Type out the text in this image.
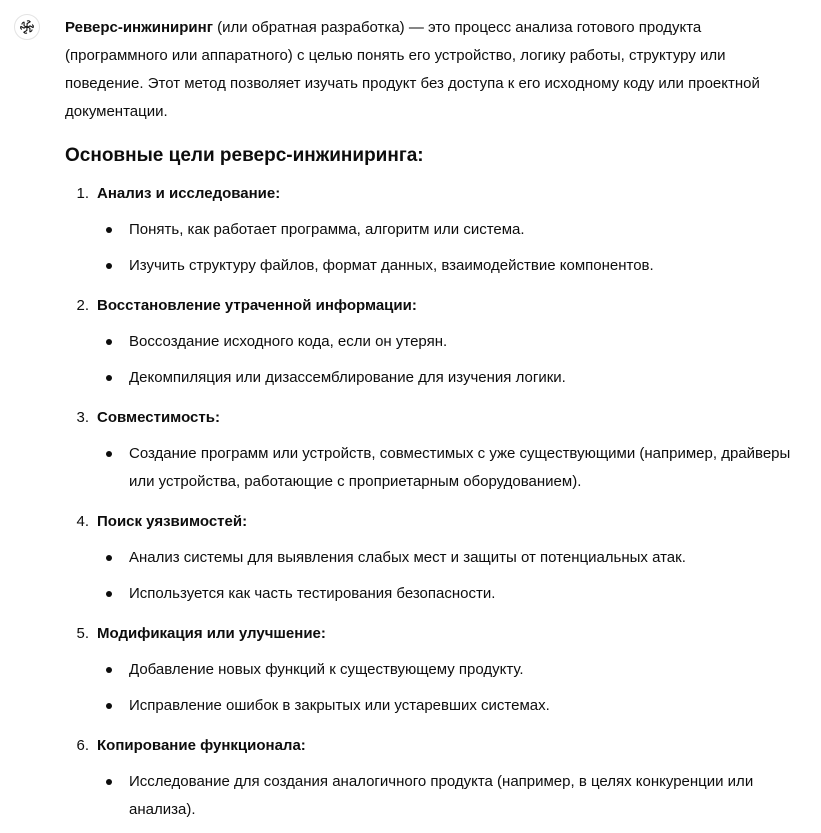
Реверс-инжиниринг (или обратная разработка) — это процесс анализа готового продукта (программного или аппаратного) с целью понять его устройство, логику работы, структуру или поведение. Этот метод позволяет изучать продукт без доступа к его исходному коду или проектной документации.

Основные цели реверс-инжиниринга:
1. Анализ и исследование:
Понять, как работает программа, алгоритм или система.
Изучить структуру файлов, формат данных, взаимодействие компонентов.
2. Восстановление утраченной информации:
Воссоздание исходного кода, если он утерян.
Декомпиляция или дизассемблирование для изучения логики.
3. Совместимость:
Создание программ или устройств, совместимых с уже существующими (например, драйверы или устройства, работающие с проприетарным оборудованием).
4. Поиск уязвимостей:
Анализ системы для выявления слабых мест и защиты от потенциальных атак.
Используется как часть тестирования безопасности.
5. Модификация или улучшение:
Добавление новых функций к существующему продукту.
Исправление ошибок в закрытых или устаревших системах.
6. Копирование функционала:
Исследование для создания аналогичного продукта (например, в целях конкуренции или анализа).
